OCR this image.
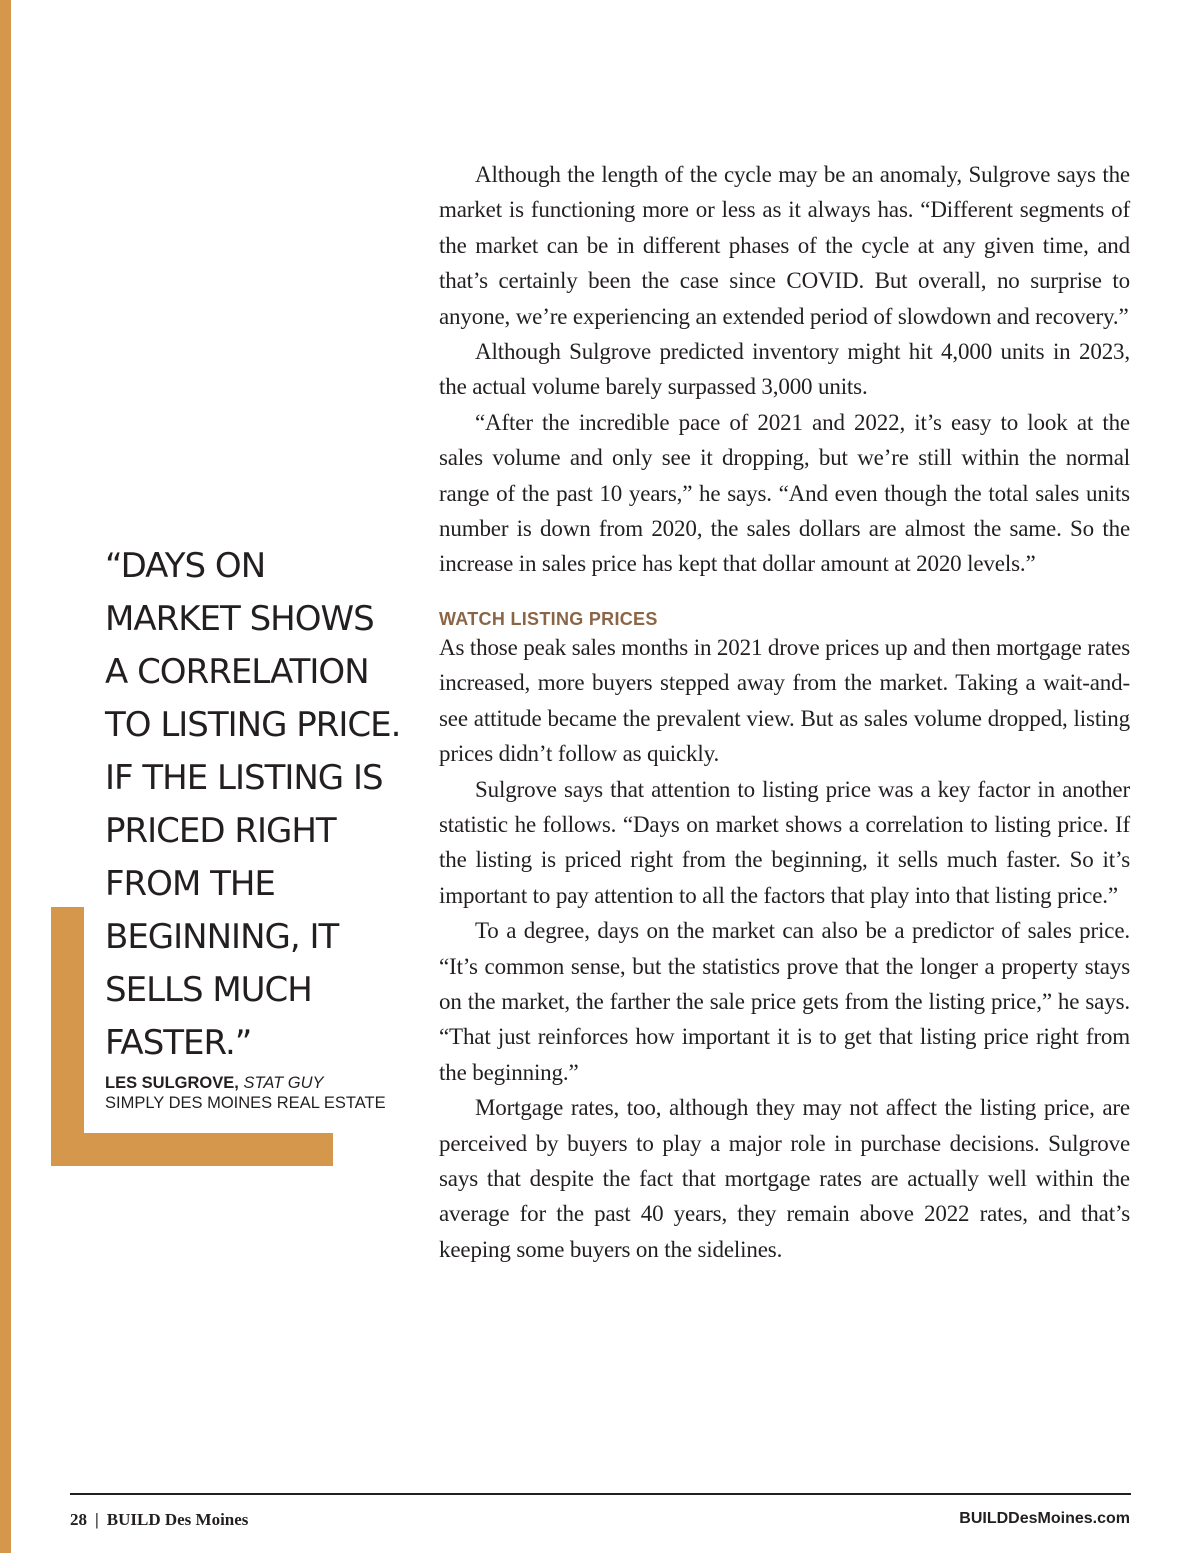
“DAYS ON MARKET SHOWS A CORRELATION TO LISTING PRICE. IF THE LISTING IS PRICED RIGHT FROM THE BEGINNING, IT SELLS MUCH FASTER.”
LES SULGROVE, STAT GUY
SIMPLY DES MOINES REAL ESTATE

Although the length of the cycle may be an anomaly, Sulgrove says the market is functioning more or less as it always has. “Different segments of the market can be in different phases of the cycle at any given time, and that’s certainly been the case since COVID. But overall, no surprise to anyone, we’re experiencing an extended period of slowdown and recovery.”

Although Sulgrove predicted inventory might hit 4,000 units in 2023, the actual volume barely surpassed 3,000 units.

“After the incredible pace of 2021 and 2022, it’s easy to look at the sales volume and only see it dropping, but we’re still within the normal range of the past 10 years,” he says. “And even though the total sales units number is down from 2020, the sales dollars are almost the same. So the increase in sales price has kept that dollar amount at 2020 levels.”

WATCH LISTING PRICES

As those peak sales months in 2021 drove prices up and then mortgage rates increased, more buyers stepped away from the market. Taking a wait-and-see attitude became the prevalent view. But as sales volume dropped, listing prices didn’t follow as quickly.

Sulgrove says that attention to listing price was a key factor in another statistic he follows. “Days on market shows a correlation to listing price. If the listing is priced right from the beginning, it sells much faster. So it’s important to pay attention to all the factors that play into that listing price.”

To a degree, days on the market can also be a predictor of sales price. “It’s common sense, but the statistics prove that the longer a property stays on the market, the farther the sale price gets from the listing price,” he says. “That just reinforces how important it is to get that listing price right from the beginning.”

Mortgage rates, too, although they may not affect the listing price, are perceived by buyers to play a major role in purchase decisions. Sulgrove says that despite the fact that mortgage rates are actually well within the average for the past 40 years, they remain above 2022 rates, and that’s keeping some buyers on the sidelines.

28 | BUILD Des Moines	BUILDDesMoines.com
